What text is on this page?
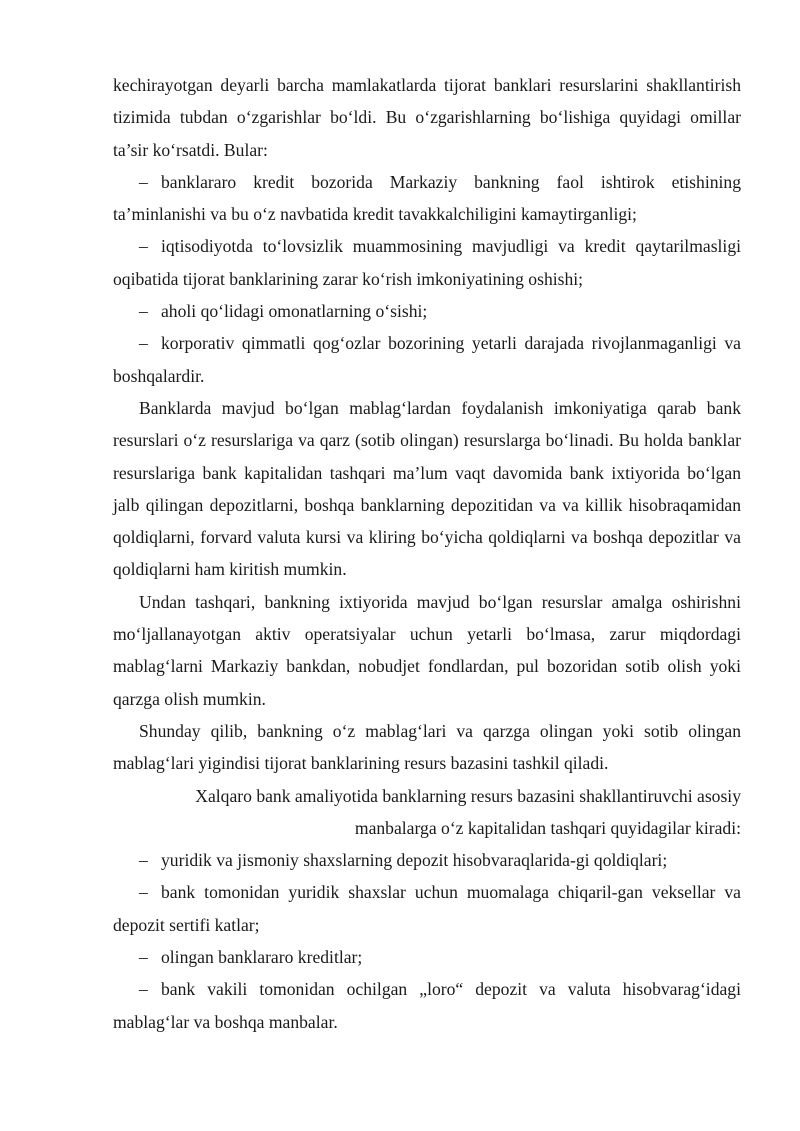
kechirayotgan deyarli barcha mamlakatlarda tijorat banklari resurslarini shakllantirish tizimida tubdan o‘zgarishlar bo‘ldi. Bu o‘zgarishlarning bo‘lishiga quyidagi omillar ta’sir ko‘rsatdi. Bular:

– banklararo kredit bozorida Markaziy bankning faol ishtirok etishining ta’minlanishi va bu o‘z navbatida kredit tavakkalchiligini kamaytirganligi;

– iqtisodiyotda to‘lovsizlik muammosining mavjudligi va kredit qaytarilmasligi oqibatida tijorat banklarining zarar ko‘rish imkoniyatining oshishi;

– aholi qo‘lidagi omonatlarning o‘sishi;

– korporativ qimmatli qog‘ozlar bozorining yetarli darajada rivojlanmaganligi va boshqalardir.

Banklarda mavjud bo‘lgan mablag‘lardan foydalanish imkoniyatiga qarab bank resurslari o‘z resurslariga va qarz (sotib olingan) resurslarga bo‘linadi. Bu holda banklar resurslariga bank kapitalidan tashqari ma’lum vaqt davomida bank ixtiyorida bo‘lgan jalb qilingan depozitlarni, boshqa banklarning depozitidan va va killik hisobraqamidan qoldiqlarni, forvard valuta kursi va kliring bo‘yicha qoldiqlarni va boshqa depozitlar va qoldiqlarni ham kiritish mumkin.

Undan tashqari, bankning ixtiyorida mavjud bo‘lgan resurslar amalga oshirishni mo‘ljallanayotgan aktiv operatsiyalar uchun yetarli bo‘lmasa, zarur miqdordagi mablag‘larni Markaziy bankdan, nobudjet fondlardan, pul bozoridan sotib olish yoki qarzga olish mumkin.

Shunday qilib, bankning o‘z mablag‘lari va qarzga olingan yoki sotib olingan mablag‘lari yigindisi tijorat banklarining resurs bazasini tashkil qiladi.

Xalqaro bank amaliyotida banklarning resurs bazasini shakllantiruvchi asosiy
manbalarga o‘z kapitalidan tashqari quyidagilar kiradi:

– yuridik va jismoniy shaxslarning depozit hisobvaraqlarida-gi qoldiqlari;

– bank tomonidan yuridik shaxslar uchun muomalaga chiqaril-gan veksellar va depozit sertifi katlar;

– olingan banklararo kreditlar;

– bank vakili tomonidan ochilgan „loro“ depozit va valuta hisobvarag‘idagi mablag‘lar va boshqa manbalar.
